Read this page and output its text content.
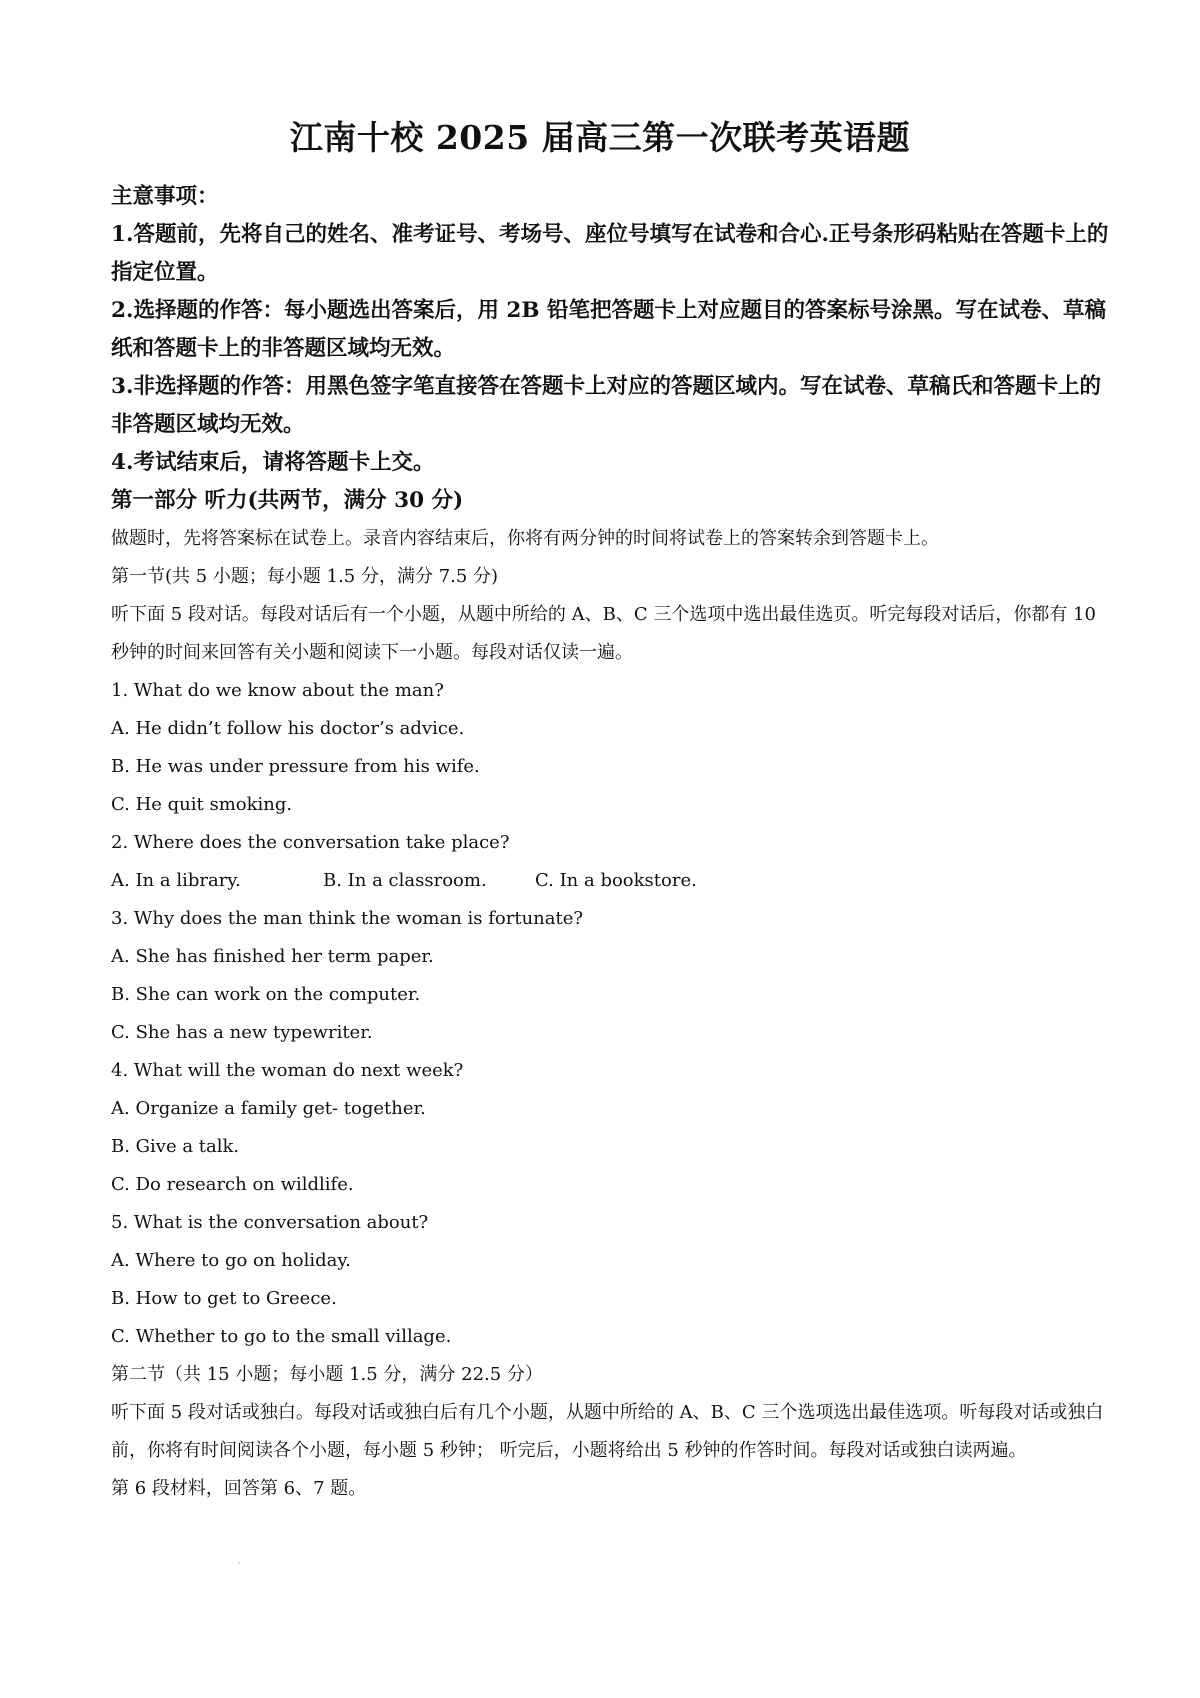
江南十校 2025 届高三第一次联考英语题

主意事项：

1.答题前，先将自己的姓名、准考证号、考场号、座位号填写在试卷和合心.正号条形码粘贴在答题卡上的指定位置。

2.选择题的作答：每小题选出答案后，用 2B 铅笔把答题卡上对应题目的答案标号涂黑。写在试卷、草稿纸和答题卡上的非答题区域均无效。

3.非选择题的作答：用黑色签字笔直接答在答题卡上对应的答题区域内。写在试卷、草稿氏和答题卡上的非答题区域均无效。

4.考试结束后，请将答题卡上交。

第一部分 听力(共两节，满分 30 分)

做题时，先将答案标在试卷上。录音内容结束后，你将有两分钟的时间将试卷上的答案转余到答题卡上。

第一节(共 5 小题；每小题 1.5 分，满分 7.5 分)

听下面 5 段对话。每段对话后有一个小题，从题中所给的 A、B、C 三个选项中选出最佳选页。听完每段对话后，你都有 10 秒钟的时间来回答有关小题和阅读下一小题。每段对话仅读一遍。

1. What do we know about the man?

A. He didn’t follow his doctor’s advice.

B. He was under pressure from his wife.

C. He quit smoking.

2. Where does the conversation take place?

A. In a library.	B. In a classroom.	C. In a bookstore.

3. Why does the man think the woman is fortunate?

A. She has finished her term paper.

B. She can work on the computer.

C. She has a new typewriter.

4. What will the woman do next week?

A. Organize a family get- together.

B. Give a talk.

C. Do research on wildlife.

5. What is the conversation about?

A. Where to go on holiday.

B. How to get to Greece.

C. Whether to go to the small village.

第二节（共 15 小题；每小题 1.5 分，满分 22.5 分）

听下面 5 段对话或独白。每段对话或独白后有几个小题，从题中所给的 A、B、C 三个选项选出最佳选项。听每段对话或独白前，你将有时间阅读各个小题，每小题 5 秒钟； 听完后，小题将给出 5 秒钟的作答时间。每段对话或独白读两遍。

第 6 段材料，回答第 6、7 题。
